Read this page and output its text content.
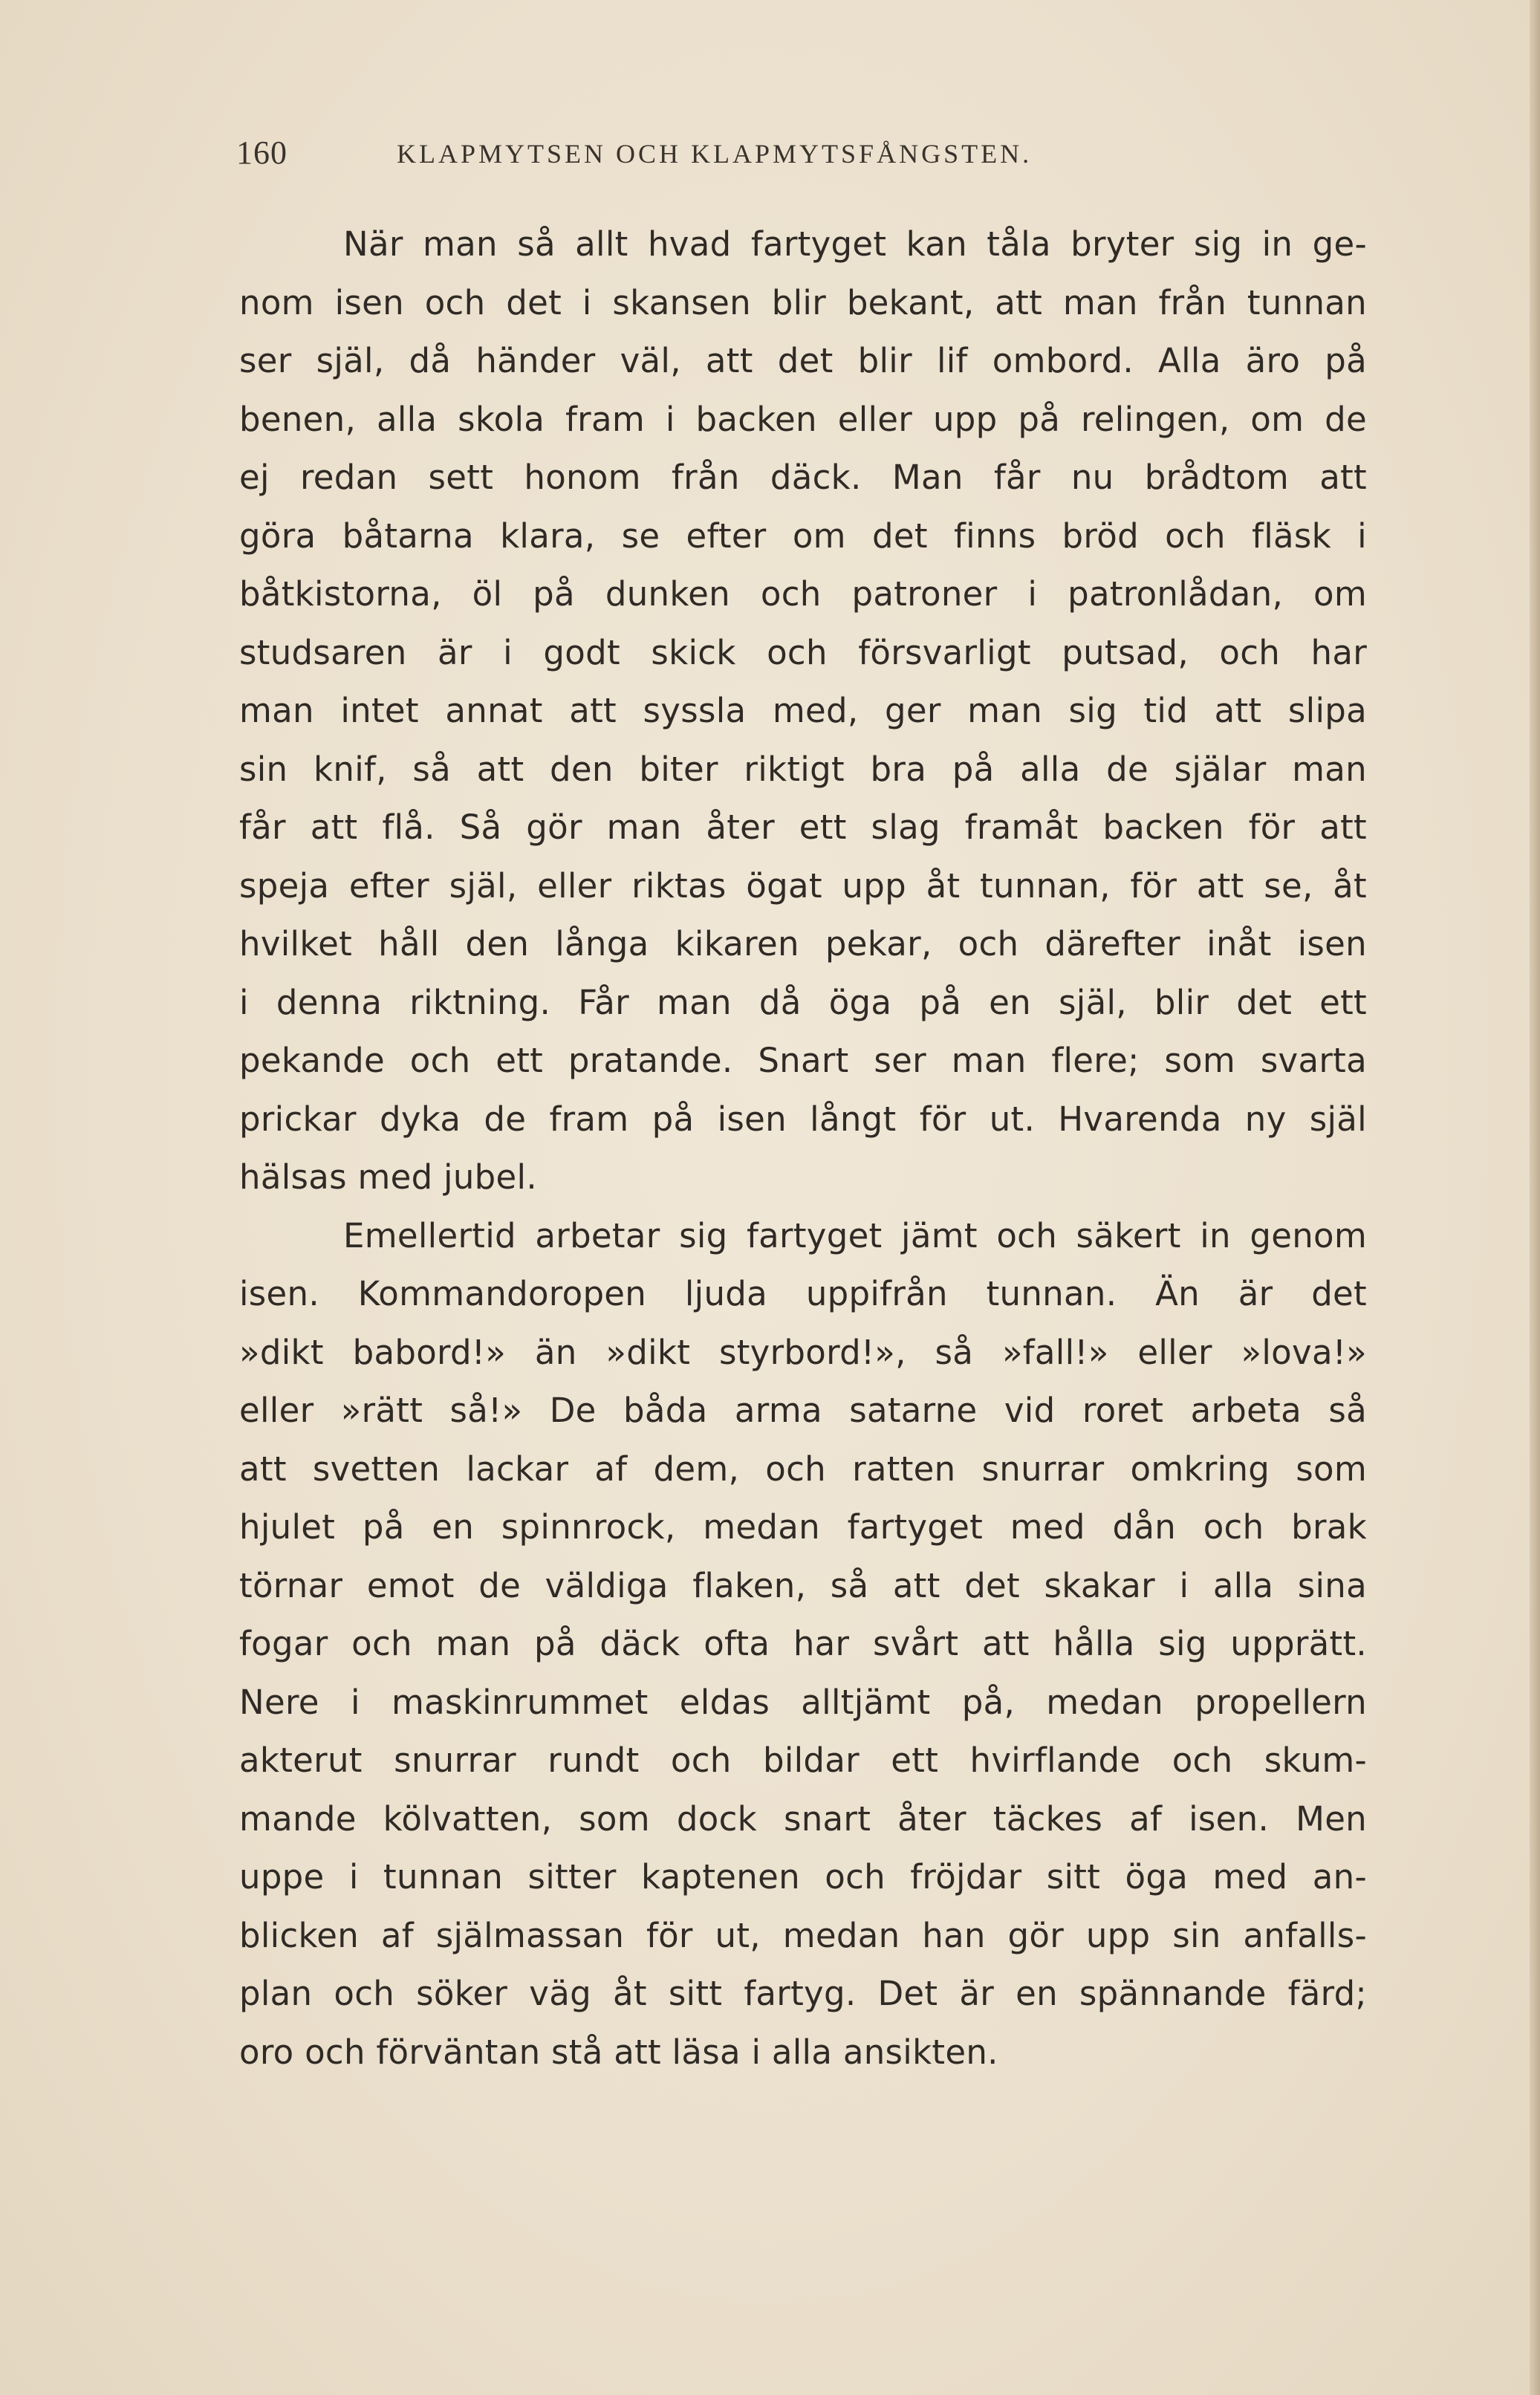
160	KLAPMYTSEN OCH KLAPMYTSFÅNGSTEN.
När man så allt hvad fartyget kan tåla bryter sig in ge-
nom isen och det i skansen blir bekant, att man från tunnan
ser själ, då händer väl, att det blir lif ombord. Alla äro på
benen, alla skola fram i backen eller upp på relingen, om de
ej redan sett honom från däck. Man får nu brådtom att
göra båtarna klara, se efter om det finns bröd och fläsk i
båtkistorna, öl på dunken och patroner i patronlådan, om
studsaren är i godt skick och försvarligt putsad, och har
man intet annat att syssla med, ger man sig tid att slipa
sin knif, så att den biter riktigt bra på alla de själar man
får att flå. Så gör man åter ett slag framåt backen för att
speja efter själ, eller riktas ögat upp åt tunnan, för att se, åt
hvilket håll den långa kikaren pekar, och därefter inåt isen
i denna riktning. Får man då öga på en själ, blir det ett
pekande och ett pratande. Snart ser man flere; som svarta
prickar dyka de fram på isen långt för ut. Hvarenda ny själ
hälsas med jubel.
Emellertid arbetar sig fartyget jämt och säkert in genom
isen. Kommandoropen ljuda uppifrån tunnan. Än är det
»dikt babord!» än »dikt styrbord!», så »fall!» eller »lova!»
eller »rätt så!» De båda arma satarne vid roret arbeta så
att svetten lackar af dem, och ratten snurrar omkring som
hjulet på en spinnrock, medan fartyget med dån och brak
törnar emot de väldiga flaken, så att det skakar i alla sina
fogar och man på däck ofta har svårt att hålla sig upprätt.
Nere i maskinrummet eldas alltjämt på, medan propellern
akterut snurrar rundt och bildar ett hvirflande och skum-
mande kölvatten, som dock snart åter täckes af isen. Men
uppe i tunnan sitter kaptenen och fröjdar sitt öga med an-
blicken af själmassan för ut, medan han gör upp sin anfalls-
plan och söker väg åt sitt fartyg. Det är en spännande färd;
oro och förväntan stå att läsa i alla ansikten.
